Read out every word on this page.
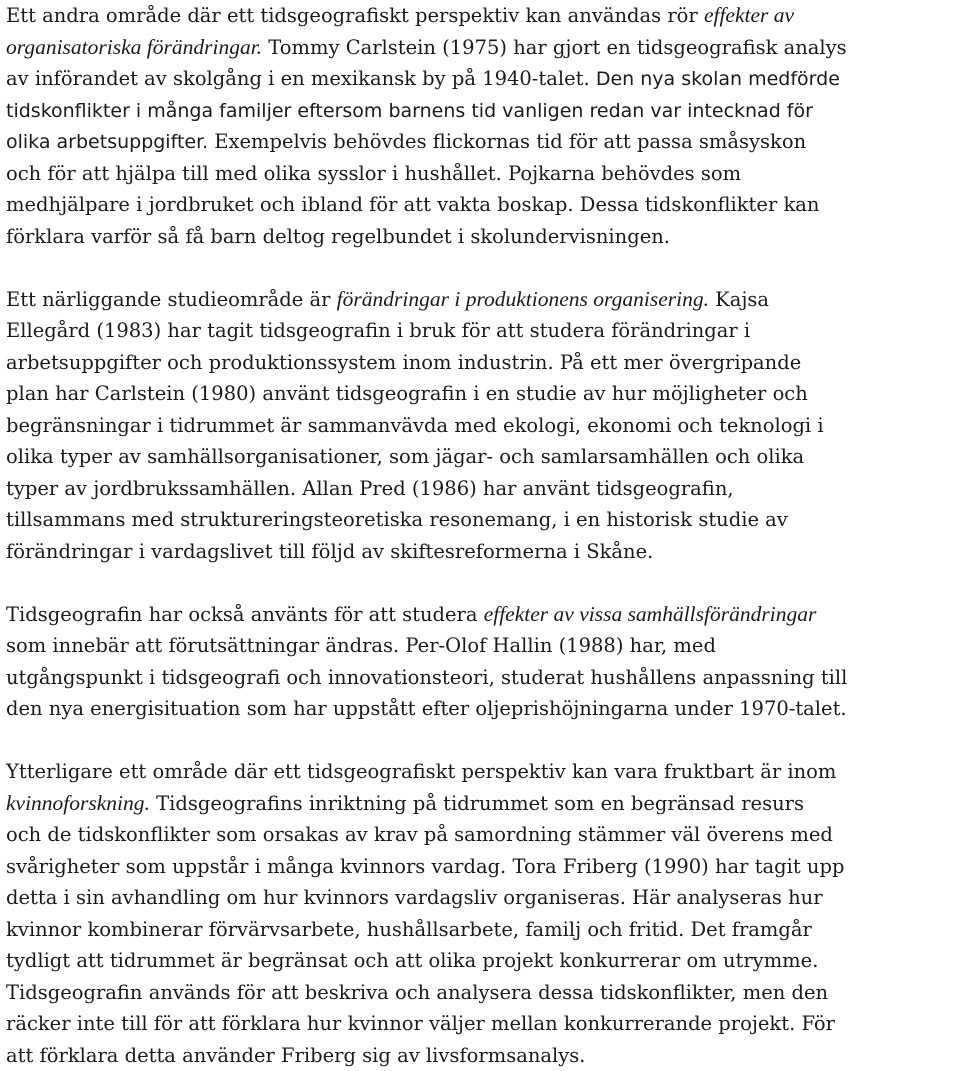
Ett andra område där ett tidsgeografiskt perspektiv kan användas rör effekter av
organisatoriska förändringar. Tommy Carlstein (1975) har gjort en tidsgeografisk analys
av införandet av skolgång i en mexikansk by på 1940-talet. Den nya skolan medförde
tidskonflikter i många familjer eftersom barnens tid vanligen redan var intecknad för
olika arbetsuppgifter. Exempelvis behövdes flickornas tid för att passa småsyskon
och för att hjälpa till med olika sysslor i hushållet. Pojkarna behövdes som
medhjälpare i jordbruket och ibland för att vakta boskap. Dessa tidskonflikter kan
förklara varför så få barn deltog regelbundet i skolundervisningen.
Ett närliggande studieområde är förändringar i produktionens organisering. Kajsa
Ellegård (1983) har tagit tidsgeografin i bruk för att studera förändringar i
arbetsuppgifter och produktionssystem inom industrin. På ett mer övergripande
plan har Carlstein (1980) använt tidsgeografin i en studie av hur möjligheter och
begränsningar i tidrummet är sammanvävda med ekologi, ekonomi och teknologi i
olika typer av samhällsorganisationer, som jägar- och samlarsamhällen och olika
typer av jordbrukssamhällen. Allan Pred (1986) har använt tidsgeografin,
tillsammans med struktureringsteoretiska resonemang, i en historisk studie av
förändringar i vardagslivet till följd av skiftesreformerna i Skåne.
Tidsgeografin har också använts för att studera effekter av vissa samhällsförändringar
som innebär att förutsättningar ändras. Per-Olof Hallin (1988) har, med
utgångspunkt i tidsgeografi och innovationsteori, studerat hushållens anpassning till
den nya energisituation som har uppstått efter oljeprishöjningarna under 1970-talet.
Ytterligare ett område där ett tidsgeografiskt perspektiv kan vara fruktbart är inom
kvinnoforskning. Tidsgeografins inriktning på tidrummet som en begränsad resurs
och de tidskonflikter som orsakas av krav på samordning stämmer väl överens med
svårigheter som uppstår i många kvinnors vardag. Tora Friberg (1990) har tagit upp
detta i sin avhandling om hur kvinnors vardagsliv organiseras. Här analyseras hur
kvinnor kombinerar förvärvsarbete, hushållsarbete, familj och fritid. Det framgår
tydligt att tidrummet är begränsat och att olika projekt konkurrerar om utrymme.
Tidsgeografin används för att beskriva och analysera dessa tidskonflikter, men den
räcker inte till för att förklara hur kvinnor väljer mellan konkurrerande projekt. För
att förklara detta använder Friberg sig av livsformsanalys.
